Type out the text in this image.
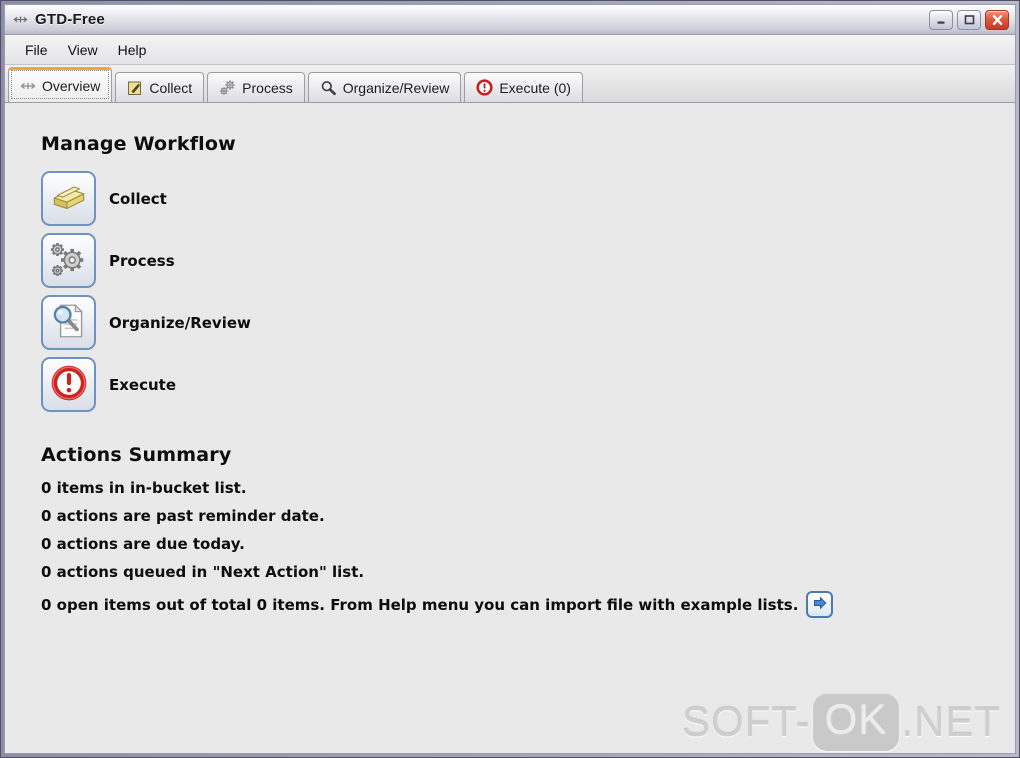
GTD-Free
File	View	Help
Overview	Collect	Process	Organize/Review	Execute (0)
Manage Workflow
Collect
Process
Organize/Review
Execute
Actions Summary
0 items in in-bucket list.
0 actions are past reminder date.
0 actions are due today.
0 actions queued in "Next Action" list.
0 open items out of total 0 items. From Help menu you can import file with example lists.
SOFT- OK .NET
